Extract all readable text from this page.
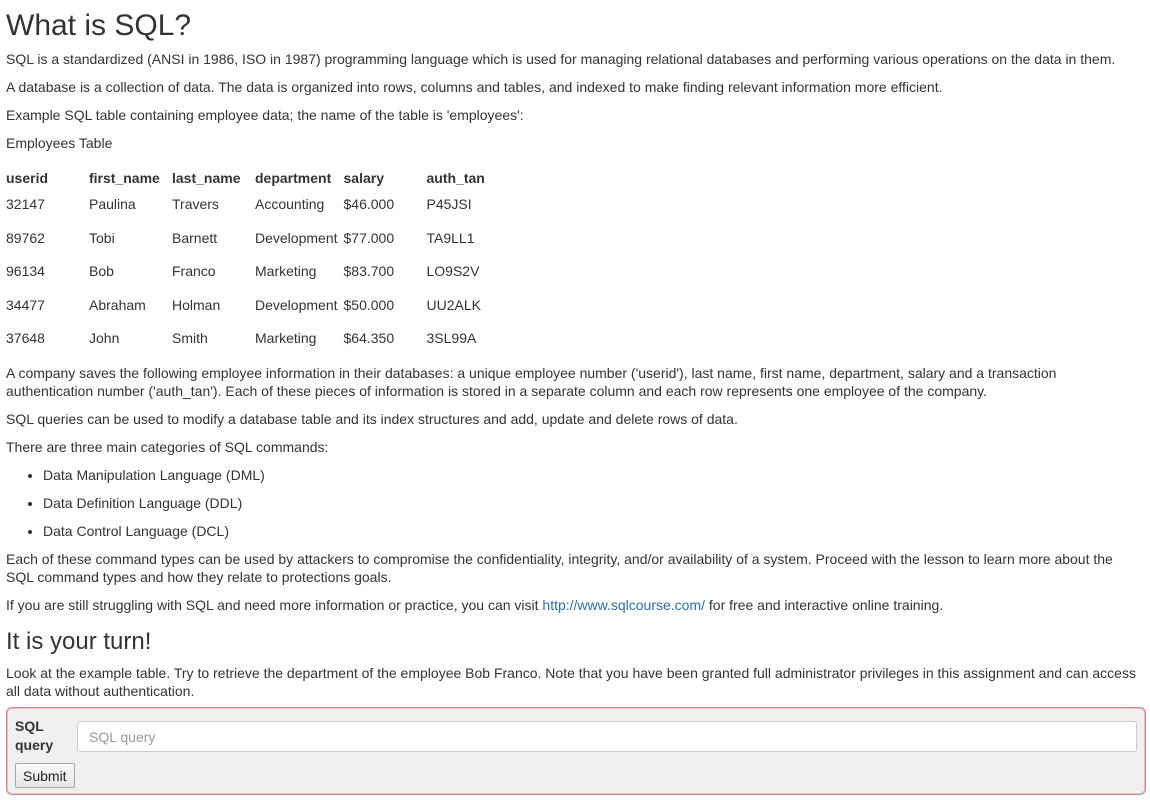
What is SQL?

SQL is a standardized (ANSI in 1986, ISO in 1987) programming language which is used for managing relational databases and performing various operations on the data in them.

A database is a collection of data. The data is organized into rows, columns and tables, and indexed to make finding relevant information more efficient.

Example SQL table containing employee data; the name of the table is 'employees':

Employees Table

userid	first_name	last_name	department	salary	auth_tan
32147	Paulina	Travers	Accounting	$46.000	P45JSI
89762	Tobi	Barnett	Development	$77.000	TA9LL1
96134	Bob	Franco	Marketing	$83.700	LO9S2V
34477	Abraham	Holman	Development	$50.000	UU2ALK
37648	John	Smith	Marketing	$64.350	3SL99A

A company saves the following employee information in their databases: a unique employee number ('userid'), last name, first name, department, salary and a transaction authentication number ('auth_tan'). Each of these pieces of information is stored in a separate column and each row represents one employee of the company.

SQL queries can be used to modify a database table and its index structures and add, update and delete rows of data.

There are three main categories of SQL commands:

• Data Manipulation Language (DML)
• Data Definition Language (DDL)
• Data Control Language (DCL)

Each of these command types can be used by attackers to compromise the confidentiality, integrity, and/or availability of a system. Proceed with the lesson to learn more about the SQL command types and how they relate to protections goals.

If you are still struggling with SQL and need more information or practice, you can visit http://www.sqlcourse.com/ for free and interactive online training.

It is your turn!

Look at the example table. Try to retrieve the department of the employee Bob Franco. Note that you have been granted full administrator privileges in this assignment and can access all data without authentication.

SQL query
SQL query
Submit
